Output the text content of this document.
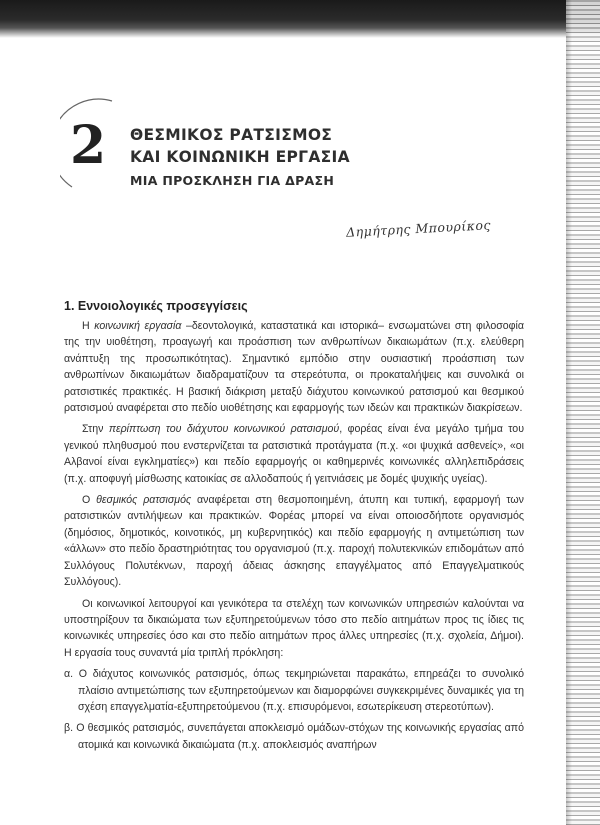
2 ΘΕΣΜΙΚΟΣ ΡΑΤΣΙΣΜΟΣ
ΚΑΙ ΚΟΙΝΩΝΙΚΗ ΕΡΓΑΣΙΑ
ΜΙΑ ΠΡΟΣΚΛΗΣΗ ΓΙΑ ΔΡΑΣΗ
Δημήτρης Μπουρίκος
1. Εννοιολογικές προσεγγίσεις

Η κοινωνική εργασία –δεοντολογικά, καταστατικά και ιστορικά– ενσωματώνει στη φιλοσοφία της την υιοθέτηση, προαγωγή και προάσπιση των ανθρωπίνων δικαιωμάτων (π.χ. ελεύθερη ανάπτυξη της προσωπικότητας). Σημαντικό εμπόδιο στην ουσιαστική προάσπιση των ανθρωπίνων δικαιωμάτων διαδραματίζουν τα στερεότυπα, οι προκαταλήψεις και συνολικά οι ρατσιστικές πρακτικές. Η βασική διάκριση μεταξύ διάχυτου κοινωνικού ρατσισμού και θεσμικού ρατσισμού αναφέρεται στο πεδίο υιοθέτησης και εφαρμογής των ιδεών και πρακτικών διακρίσεων.

Στην περίπτωση του διάχυτου κοινωνικού ρατσισμού, φορέας είναι ένα μεγάλο τμήμα του γενικού πληθυσμού που ενστερνίζεται τα ρατσιστικά προτάγματα (π.χ. «οι ψυχικά ασθενείς», «οι Αλβανοί είναι εγκληματίες») και πεδίο εφαρμογής οι καθημερινές κοινωνικές αλληλεπιδράσεις (π.χ. αποφυγή μίσθωσης κατοικίας σε αλλοδαπούς ή γειτνιάσεις με δομές ψυχικής υγείας).

Ο θεσμικός ρατσισμός αναφέρεται στη θεσμοποιημένη, άτυπη και τυπική, εφαρμογή των ρατσιστικών αντιλήψεων και πρακτικών. Φορέας μπορεί να είναι οποιοσδήποτε οργανισμός (δημόσιος, δημοτικός, κοινοτικός, μη κυβερνητικός) και πεδίο εφαρμογής η αντιμετώπιση των «άλλων» στο πεδίο δραστηριότητας του οργανισμού (π.χ. παροχή πολυτεκνικών επιδομάτων από Συλλόγους Πολυτέκνων, παροχή άδειας άσκησης επαγγέλματος από Επαγγελματικούς Συλλόγους).

Οι κοινωνικοί λειτουργοί και γενικότερα τα στελέχη των κοινωνικών υπηρεσιών καλούνται να υποστηρίξουν τα δικαιώματα των εξυπηρετούμενων τόσο στο πεδίο αιτημάτων προς τις ίδιες τις κοινωνικές υπηρεσίες όσο και στο πεδίο αιτημάτων προς άλλες υπηρεσίες (π.χ. σχολεία, Δήμοι). Η εργασία τους συναντά μία τριπλή πρόκληση:

α. Ο διάχυτος κοινωνικός ρατσισμός, όπως τεκμηριώνεται παρακάτω, επηρεάζει το συνολικό πλαίσιο αντιμετώπισης των εξυπηρετούμενων και διαμορφώνει συγκεκριμένες δυναμικές για τη σχέση επαγγελματία-εξυπηρετούμενου (π.χ. επισυρόμενοι, εσωτερίκευση στερεοτύπων).
β. Ο θεσμικός ρατσισμός, συνεπάγεται αποκλεισμό ομάδων-στόχων της κοινωνικής εργασίας από ατομικά και κοινωνικά δικαιώματα (π.χ. αποκλεισμός αναπήρων
